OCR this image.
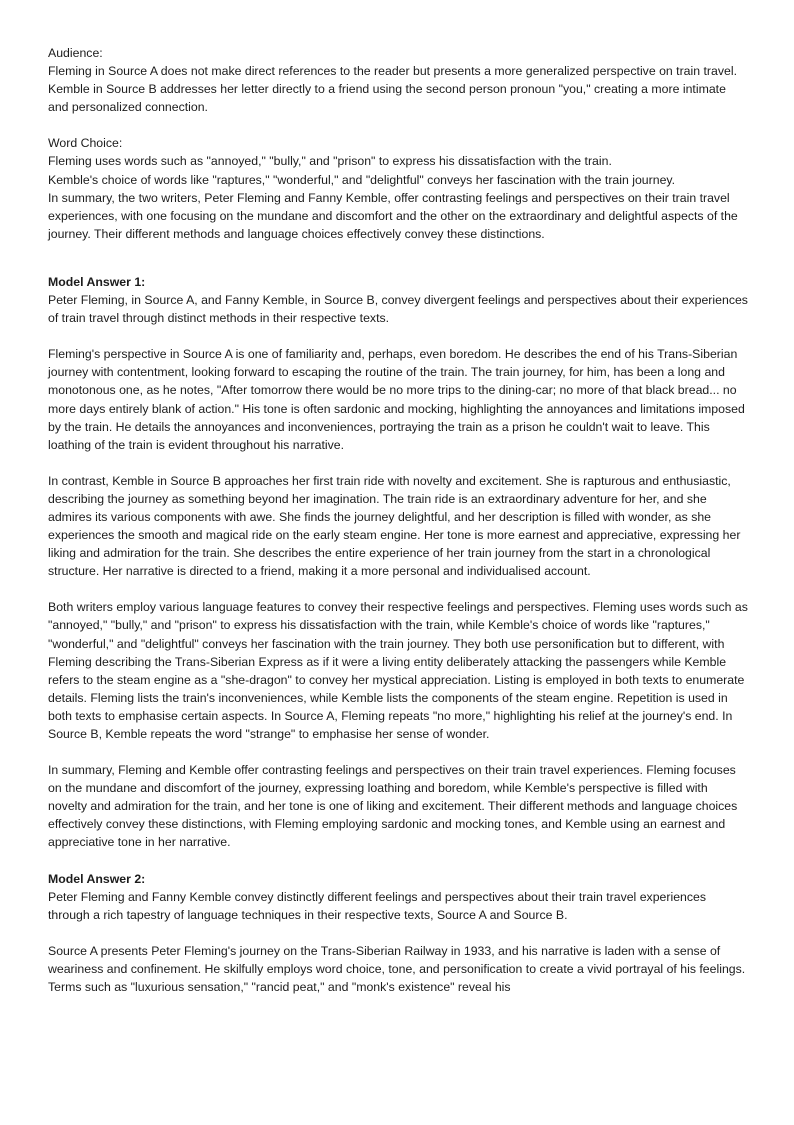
Audience:

Fleming in Source A does not make direct references to the reader but presents a more generalized perspective on train travel.

Kemble in Source B addresses her letter directly to a friend using the second person pronoun "you," creating a more intimate and personalized connection.

Word Choice:

Fleming uses words such as "annoyed," "bully," and "prison" to express his dissatisfaction with the train.

Kemble's choice of words like "raptures," "wonderful," and "delightful" conveys her fascination with the train journey.

In summary, the two writers, Peter Fleming and Fanny Kemble, offer contrasting feelings and perspectives on their train travel experiences, with one focusing on the mundane and discomfort and the other on the extraordinary and delightful aspects of the journey. Their different methods and language choices effectively convey these distinctions.

Model Answer 1:

Peter Fleming, in Source A, and Fanny Kemble, in Source B, convey divergent feelings and perspectives about their experiences of train travel through distinct methods in their respective texts.

Fleming's perspective in Source A is one of familiarity and, perhaps, even boredom. He describes the end of his Trans-Siberian journey with contentment, looking forward to escaping the routine of the train. The train journey, for him, has been a long and monotonous one, as he notes, "After tomorrow there would be no more trips to the dining-car; no more of that black bread... no more days entirely blank of action." His tone is often sardonic and mocking, highlighting the annoyances and limitations imposed by the train. He details the annoyances and inconveniences, portraying the train as a prison he couldn't wait to leave. This loathing of the train is evident throughout his narrative.

In contrast, Kemble in Source B approaches her first train ride with novelty and excitement. She is rapturous and enthusiastic, describing the journey as something beyond her imagination. The train ride is an extraordinary adventure for her, and she admires its various components with awe. She finds the journey delightful, and her description is filled with wonder, as she experiences the smooth and magical ride on the early steam engine. Her tone is more earnest and appreciative, expressing her liking and admiration for the train. She describes the entire experience of her train journey from the start in a chronological structure. Her narrative is directed to a friend, making it a more personal and individualised account.

Both writers employ various language features to convey their respective feelings and perspectives. Fleming uses words such as "annoyed," "bully," and "prison" to express his dissatisfaction with the train, while Kemble's choice of words like "raptures," "wonderful," and "delightful" conveys her fascination with the train journey. They both use personification but to different, with Fleming describing the Trans-Siberian Express as if it were a living entity deliberately attacking the passengers while Kemble refers to the steam engine as a "she-dragon" to convey her mystical appreciation. Listing is employed in both texts to enumerate details. Fleming lists the train's inconveniences, while Kemble lists the components of the steam engine. Repetition is used in both texts to emphasise certain aspects. In Source A, Fleming repeats "no more," highlighting his relief at the journey's end. In Source B, Kemble repeats the word "strange" to emphasise her sense of wonder.

In summary, Fleming and Kemble offer contrasting feelings and perspectives on their train travel experiences. Fleming focuses on the mundane and discomfort of the journey, expressing loathing and boredom, while Kemble's perspective is filled with novelty and admiration for the train, and her tone is one of liking and excitement. Their different methods and language choices effectively convey these distinctions, with Fleming employing sardonic and mocking tones, and Kemble using an earnest and appreciative tone in her narrative.

Model Answer 2:

Peter Fleming and Fanny Kemble convey distinctly different feelings and perspectives about their train travel experiences through a rich tapestry of language techniques in their respective texts, Source A and Source B.

Source A presents Peter Fleming's journey on the Trans-Siberian Railway in 1933, and his narrative is laden with a sense of weariness and confinement. He skilfully employs word choice, tone, and personification to create a vivid portrayal of his feelings. Terms such as "luxurious sensation," "rancid peat," and "monk's existence" reveal his
